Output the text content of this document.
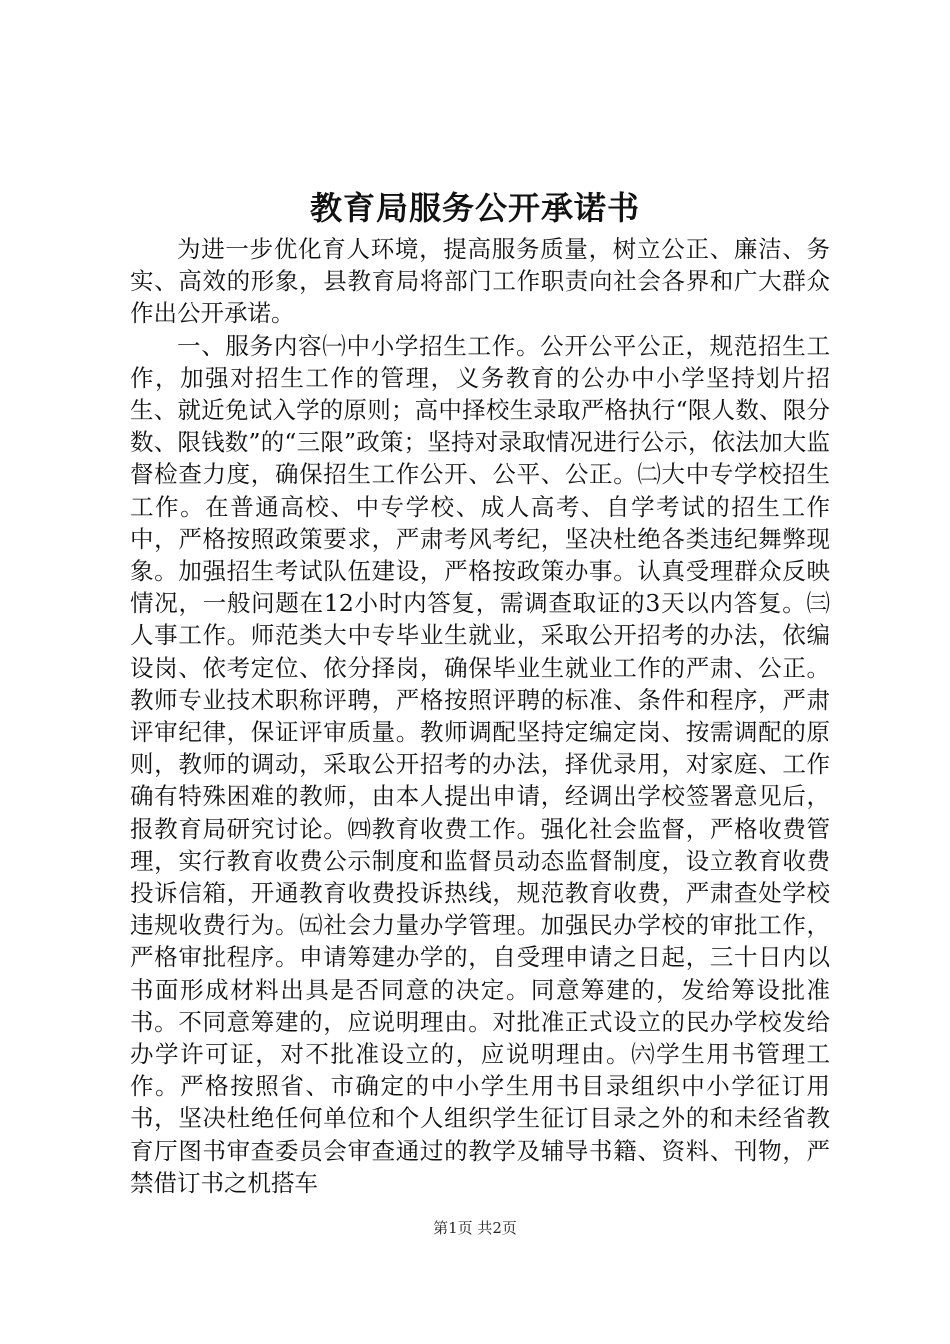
教育局服务公开承诺书

为进一步优化育人环境，提高服务质量，树立公正、廉洁、务实、高效的形象，县教育局将部门工作职责向社会各界和广大群众作出公开承诺。

一、服务内容㈠中小学招生工作。公开公平公正，规范招生工作，加强对招生工作的管理，义务教育的公办中小学坚持划片招生、就近免试入学的原则；高中择校生录取严格执行“限人数、限分数、限钱数”的“三限”政策；坚持对录取情况进行公示，依法加大监督检查力度，确保招生工作公开、公平、公正。㈡大中专学校招生工作。在普通高校、中专学校、成人高考、自学考试的招生工作中，严格按照政策要求，严肃考风考纪，坚决杜绝各类违纪舞弊现象。加强招生考试队伍建设，严格按政策办事。认真受理群众反映情况，一般问题在12小时内答复，需调查取证的3天以内答复。㈢人事工作。师范类大中专毕业生就业，采取公开招考的办法，依编设岗、依考定位、依分择岗，确保毕业生就业工作的严肃、公正。教师专业技术职称评聘，严格按照评聘的标准、条件和程序，严肃评审纪律，保证评审质量。教师调配坚持定编定岗、按需调配的原则，教师的调动，采取公开招考的办法，择优录用，对家庭、工作确有特殊困难的教师，由本人提出申请，经调出学校签署意见后，报教育局研究讨论。㈣教育收费工作。强化社会监督，严格收费管理，实行教育收费公示制度和监督员动态监督制度，设立教育收费投诉信箱，开通教育收费投诉热线，规范教育收费，严肃查处学校违规收费行为。㈤社会力量办学管理。加强民办学校的审批工作，严格审批程序。申请筹建办学的，自受理申请之日起，三十日内以书面形成材料出具是否同意的决定。同意筹建的，发给筹设批准书。不同意筹建的，应说明理由。对批准正式设立的民办学校发给办学许可证，对不批准设立的，应说明理由。㈥学生用书管理工作。严格按照省、市确定的中小学生用书目录组织中小学征订用书，坚决杜绝任何单位和个人组织学生征订目录之外的和未经省教育厅图书审查委员会审查通过的教学及辅导书籍、资料、刊物，严禁借订书之机搭车

第1页 共2页
